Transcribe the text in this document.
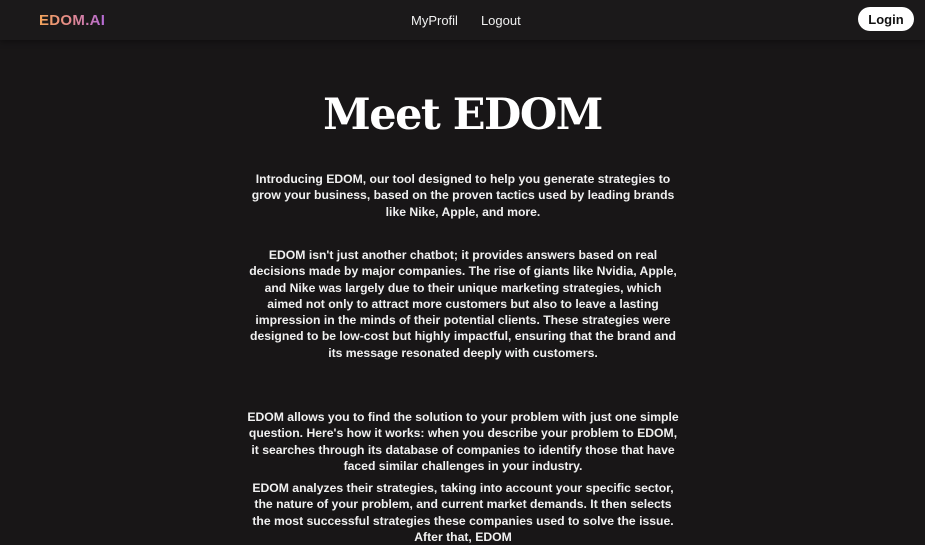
EDOM.AI	MyProfil Logout	Login
Meet EDOM

Introducing EDOM, our tool designed to help you generate strategies to grow your business, based on the proven tactics used by leading brands like Nike, Apple, and more.

EDOM isn't just another chatbot; it provides answers based on real decisions made by major companies. The rise of giants like Nvidia, Apple, and Nike was largely due to their unique marketing strategies, which aimed not only to attract more customers but also to leave a lasting impression in the minds of their potential clients. These strategies were designed to be low-cost but highly impactful, ensuring that the brand and its message resonated deeply with customers.

EDOM allows you to find the solution to your problem with just one simple question. Here's how it works: when you describe your problem to EDOM, it searches through its database of companies to identify those that have faced similar challenges in your industry.

EDOM analyzes their strategies, taking into account your specific sector, the nature of your problem, and current market demands. It then selects the most successful strategies these companies used to solve the issue. After that, EDOM
